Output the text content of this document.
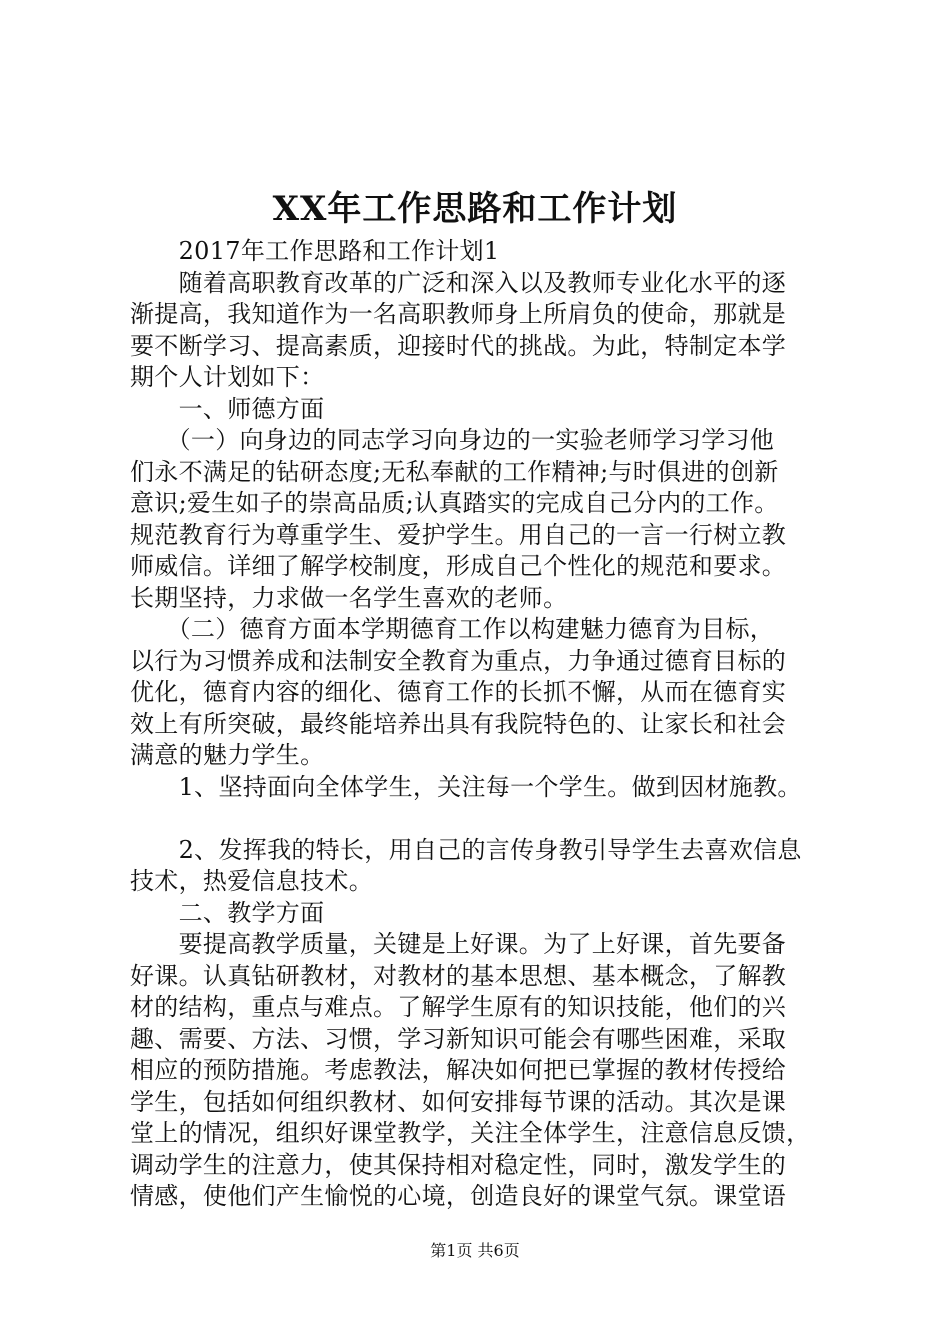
XX年工作思路和工作计划
　　2017年工作思路和工作计划1
　　随着高职教育改革的广泛和深入以及教师专业化水平的逐
渐提高，我知道作为一名高职教师身上所肩负的使命，那就是
要不断学习、提高素质，迎接时代的挑战。为此，特制定本学
期个人计划如下：
　　一、师德方面
　　（一）向身边的同志学习向身边的一实验老师学习学习他
们永不满足的钻研态度;无私奉献的工作精神;与时俱进的创新
意识;爱生如子的崇高品质;认真踏实的完成自己分内的工作。
规范教育行为尊重学生、爱护学生。用自己的一言一行树立教
师威信。详细了解学校制度，形成自己个性化的规范和要求。
长期坚持，力求做一名学生喜欢的老师。
　　（二）德育方面本学期德育工作以构建魅力德育为目标，
以行为习惯养成和法制安全教育为重点，力争通过德育目标的
优化，德育内容的细化、德育工作的长抓不懈，从而在德育实
效上有所突破，最终能培养出具有我院特色的、让家长和社会
满意的魅力学生。
　　1、坚持面向全体学生，关注每一个学生。做到因材施教。
　　2、发挥我的特长，用自己的言传身教引导学生去喜欢信息
技术，热爱信息技术。
　　二、教学方面
　　要提高教学质量，关键是上好课。为了上好课，首先要备
好课。认真钻研教材，对教材的基本思想、基本概念，了解教
材的结构，重点与难点。了解学生原有的知识技能，他们的兴
趣、需要、方法、习惯，学习新知识可能会有哪些困难，采取
相应的预防措施。考虑教法，解决如何把已掌握的教材传授给
学生，包括如何组织教材、如何安排每节课的活动。其次是课
堂上的情况，组织好课堂教学，关注全体学生，注意信息反馈，
调动学生的注意力，使其保持相对稳定性，同时，激发学生的
情感，使他们产生愉悦的心境，创造良好的课堂气氛。课堂语
第1页 共6页
